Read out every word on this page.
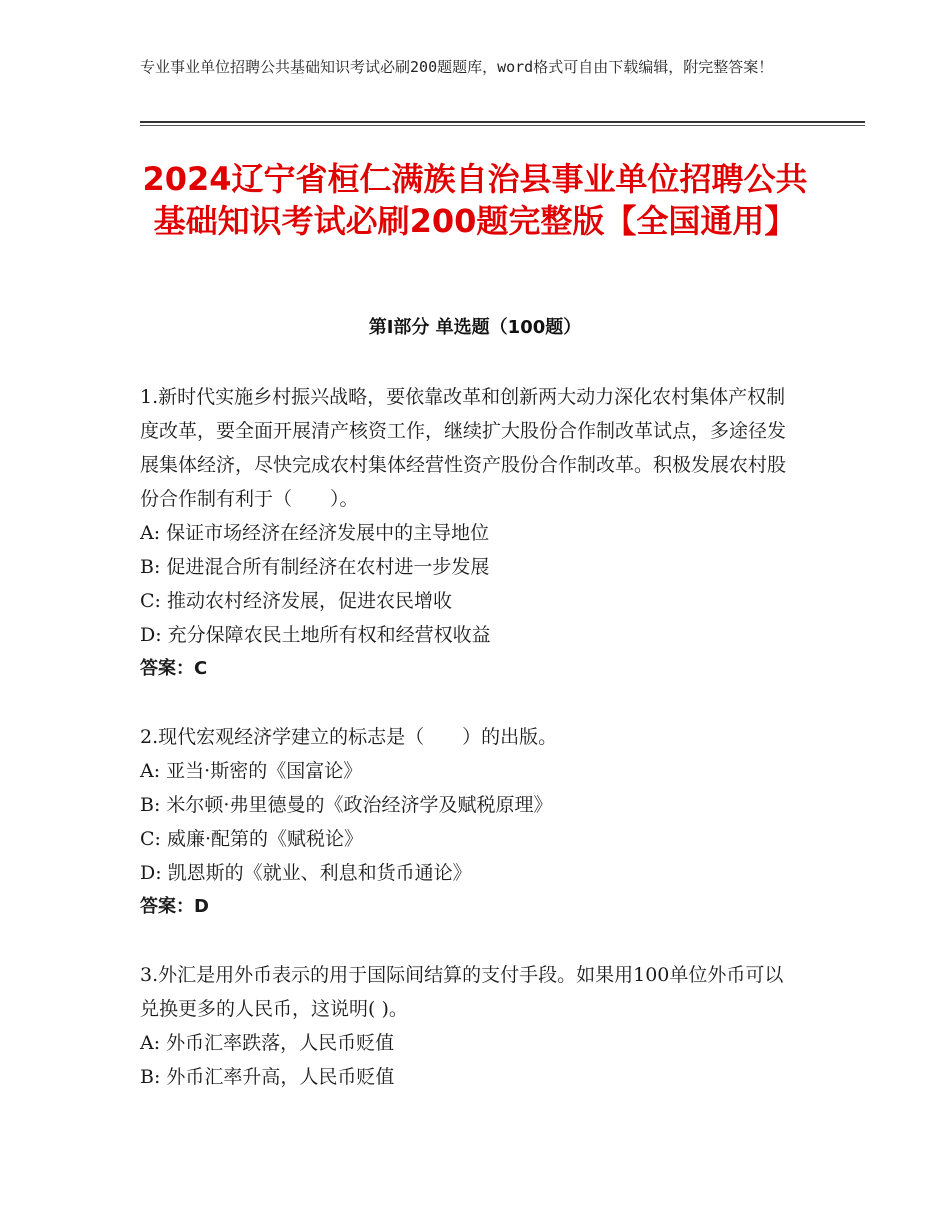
专业事业单位招聘公共基础知识考试必刷200题题库，word格式可自由下载编辑，附完整答案！
2024辽宁省桓仁满族自治县事业单位招聘公共基础知识考试必刷200题完整版【全国通用】
第Ⅰ部分 单选题（100题）

1.新时代实施乡村振兴战略，要依靠改革和创新两大动力深化农村集体产权制度改革，要全面开展清产核资工作，继续扩大股份合作制改革试点，多途径发展集体经济，尽快完成农村集体经营性资产股份合作制改革。积极发展农村股份合作制有利于（　　）。

A: 保证市场经济在经济发展中的主导地位
B: 促进混合所有制经济在农村进一步发展
C: 推动农村经济发展，促进农民增收
D: 充分保障农民土地所有权和经营权收益

答案：C

2.现代宏观经济学建立的标志是（　　）的出版。

A: 亚当·斯密的《国富论》
B: 米尔顿·弗里德曼的《政治经济学及赋税原理》
C: 威廉·配第的《赋税论》
D: 凯恩斯的《就业、利息和货币通论》

答案：D

3.外汇是用外币表示的用于国际间结算的支付手段。如果用100单位外币可以兑换更多的人民币，这说明( )。

A: 外币汇率跌落，人民币贬值
B: 外币汇率升高，人民币贬值
